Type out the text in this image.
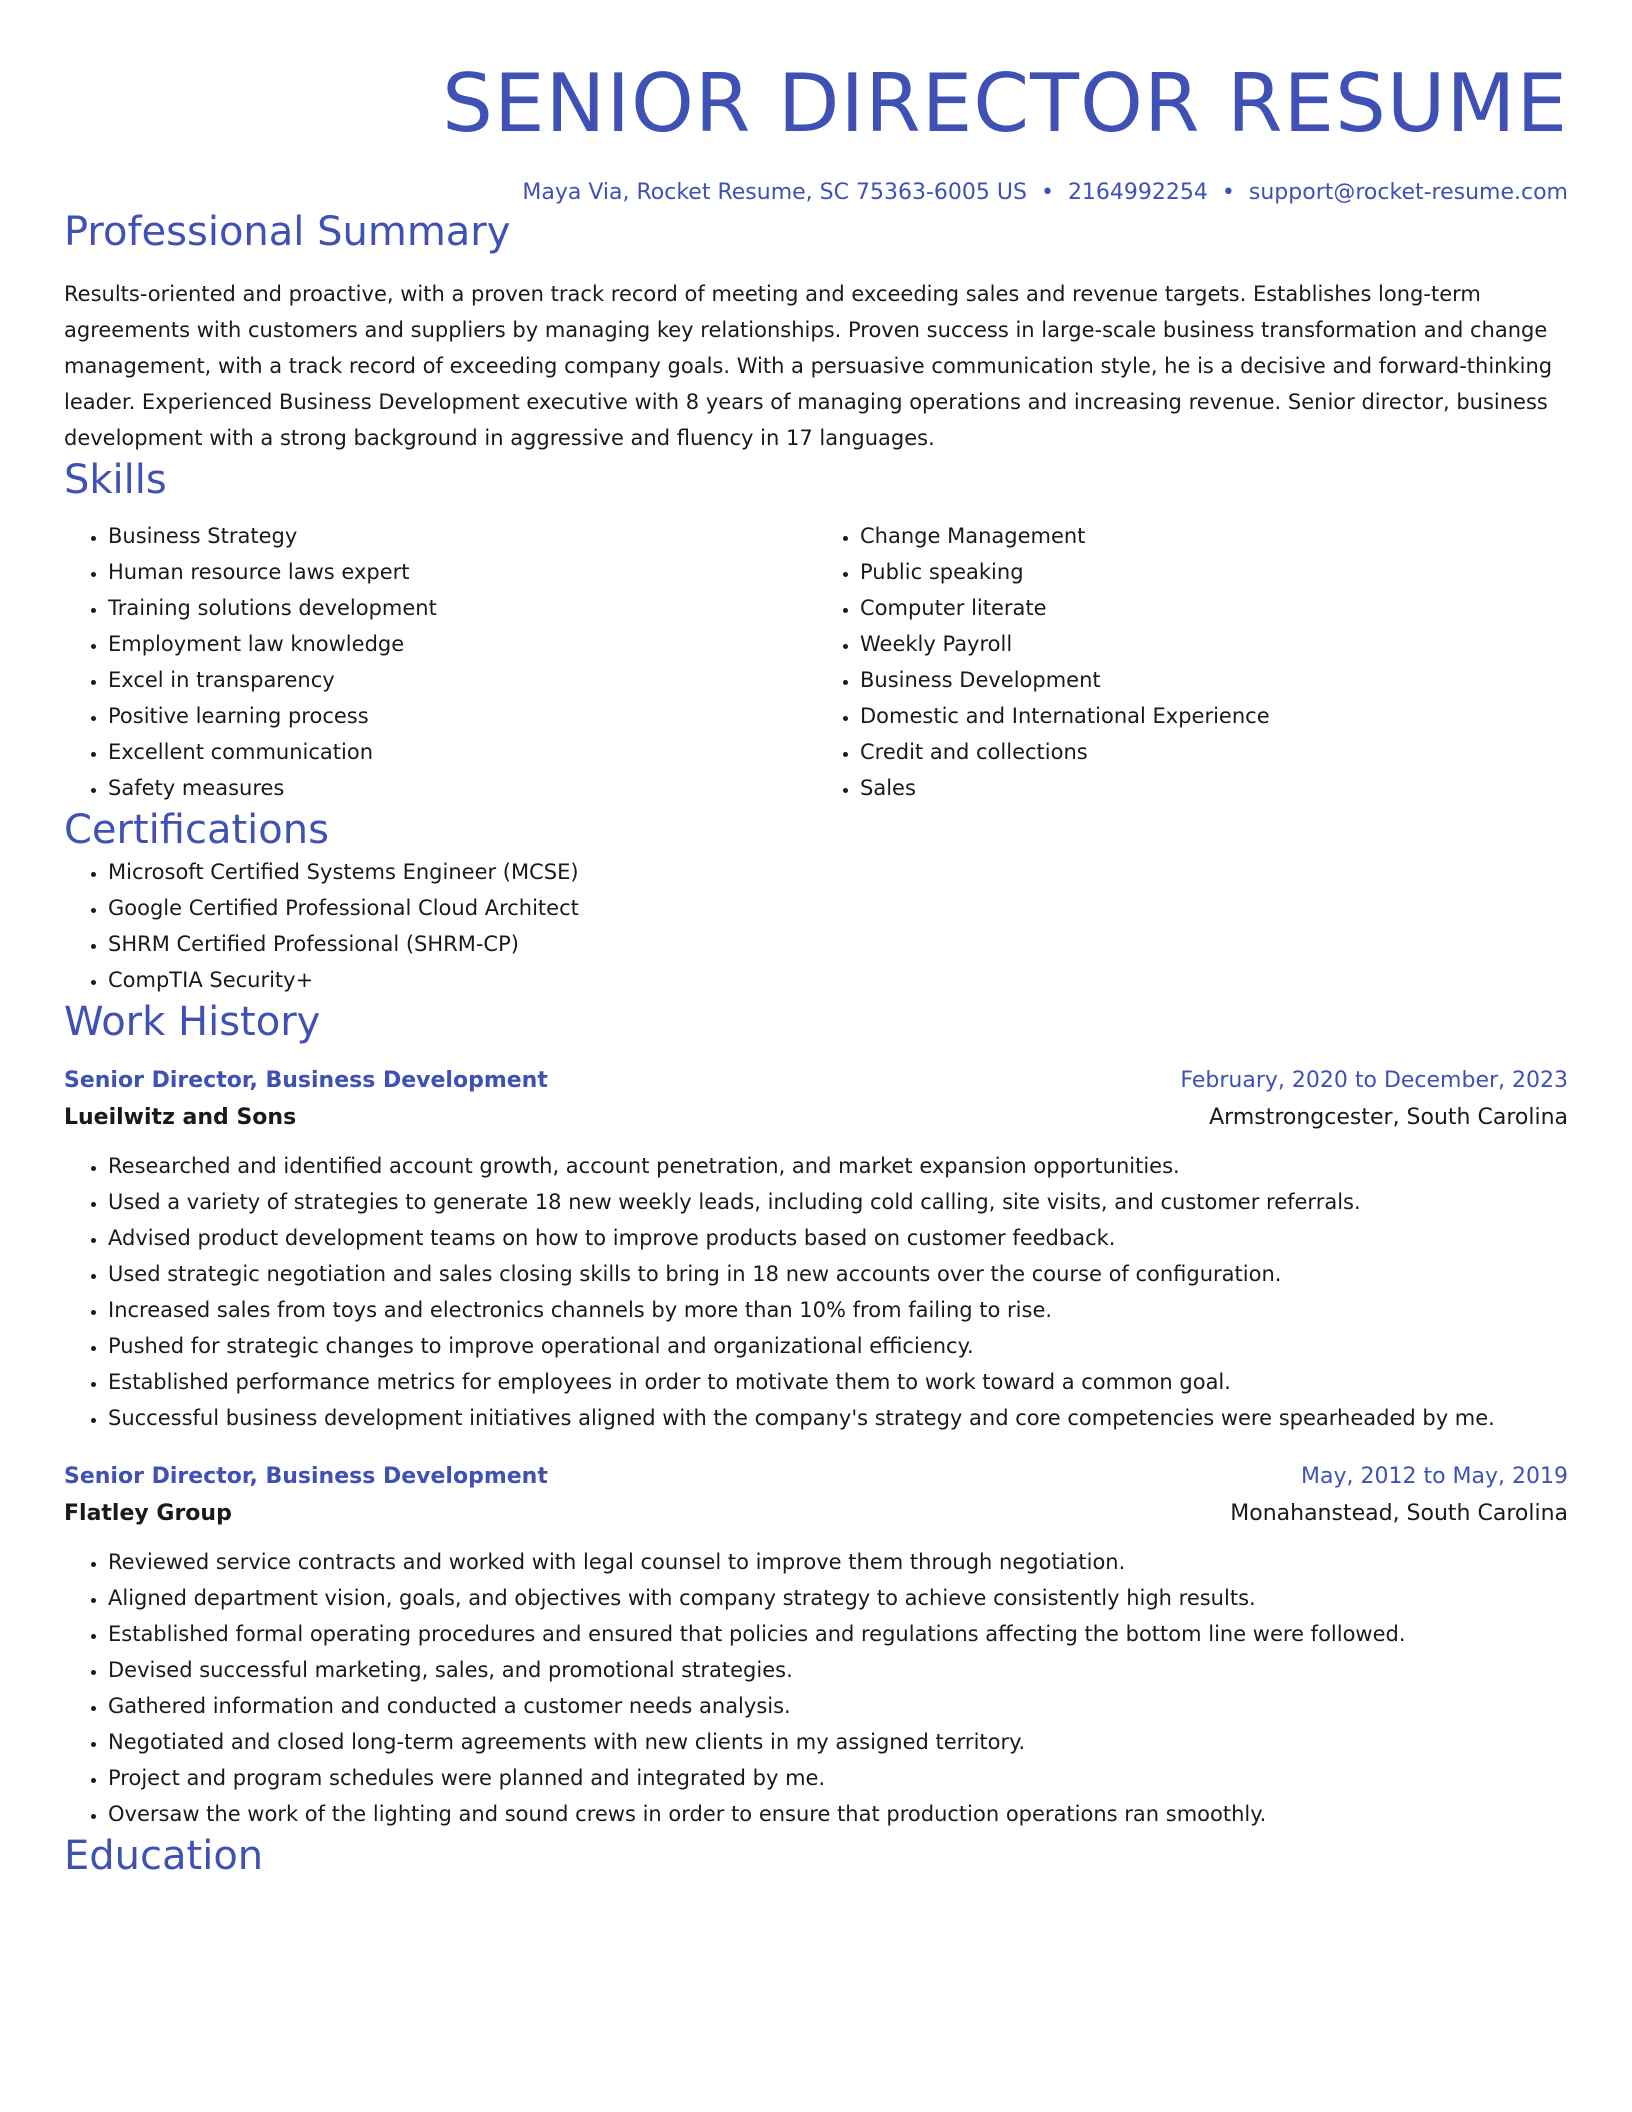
SENIOR DIRECTOR RESUME
Maya Via, Rocket Resume, SC 75363-6005 US • 2164992254 • support@rocket-resume.com
Professional Summary

Results-oriented and proactive, with a proven track record of meeting and exceeding sales and revenue targets. Establishes long-term agreements with customers and suppliers by managing key relationships. Proven success in large-scale business transformation and change management, with a track record of exceeding company goals. With a persuasive communication style, he is a decisive and forward-thinking leader. Experienced Business Development executive with 8 years of managing operations and increasing revenue. Senior director, business development with a strong background in aggressive and fluency in 17 languages.

Skills
• Business Strategy
• Human resource laws expert
• Training solutions development
• Employment law knowledge
• Excel in transparency
• Positive learning process
• Excellent communication
• Safety measures
• Change Management
• Public speaking
• Computer literate
• Weekly Payroll
• Business Development
• Domestic and International Experience
• Credit and collections
• Sales
Certifications
• Microsoft Certified Systems Engineer (MCSE)
• Google Certified Professional Cloud Architect
• SHRM Certified Professional (SHRM-CP)
• CompTIA Security+
Work History
Senior Director, Business Development	February, 2020 to December, 2023
Lueilwitz and Sons	Armstrongcester, South Carolina
• Researched and identified account growth, account penetration, and market expansion opportunities.
• Used a variety of strategies to generate 18 new weekly leads, including cold calling, site visits, and customer referrals.
• Advised product development teams on how to improve products based on customer feedback.
• Used strategic negotiation and sales closing skills to bring in 18 new accounts over the course of configuration.
• Increased sales from toys and electronics channels by more than 10% from failing to rise.
• Pushed for strategic changes to improve operational and organizational efficiency.
• Established performance metrics for employees in order to motivate them to work toward a common goal.
• Successful business development initiatives aligned with the company's strategy and core competencies were spearheaded by me.
Senior Director, Business Development	May, 2012 to May, 2019
Flatley Group	Monahanstead, South Carolina
• Reviewed service contracts and worked with legal counsel to improve them through negotiation.
• Aligned department vision, goals, and objectives with company strategy to achieve consistently high results.
• Established formal operating procedures and ensured that policies and regulations affecting the bottom line were followed.
• Devised successful marketing, sales, and promotional strategies.
• Gathered information and conducted a customer needs analysis.
• Negotiated and closed long-term agreements with new clients in my assigned territory.
• Project and program schedules were planned and integrated by me.
• Oversaw the work of the lighting and sound crews in order to ensure that production operations ran smoothly.
Education
